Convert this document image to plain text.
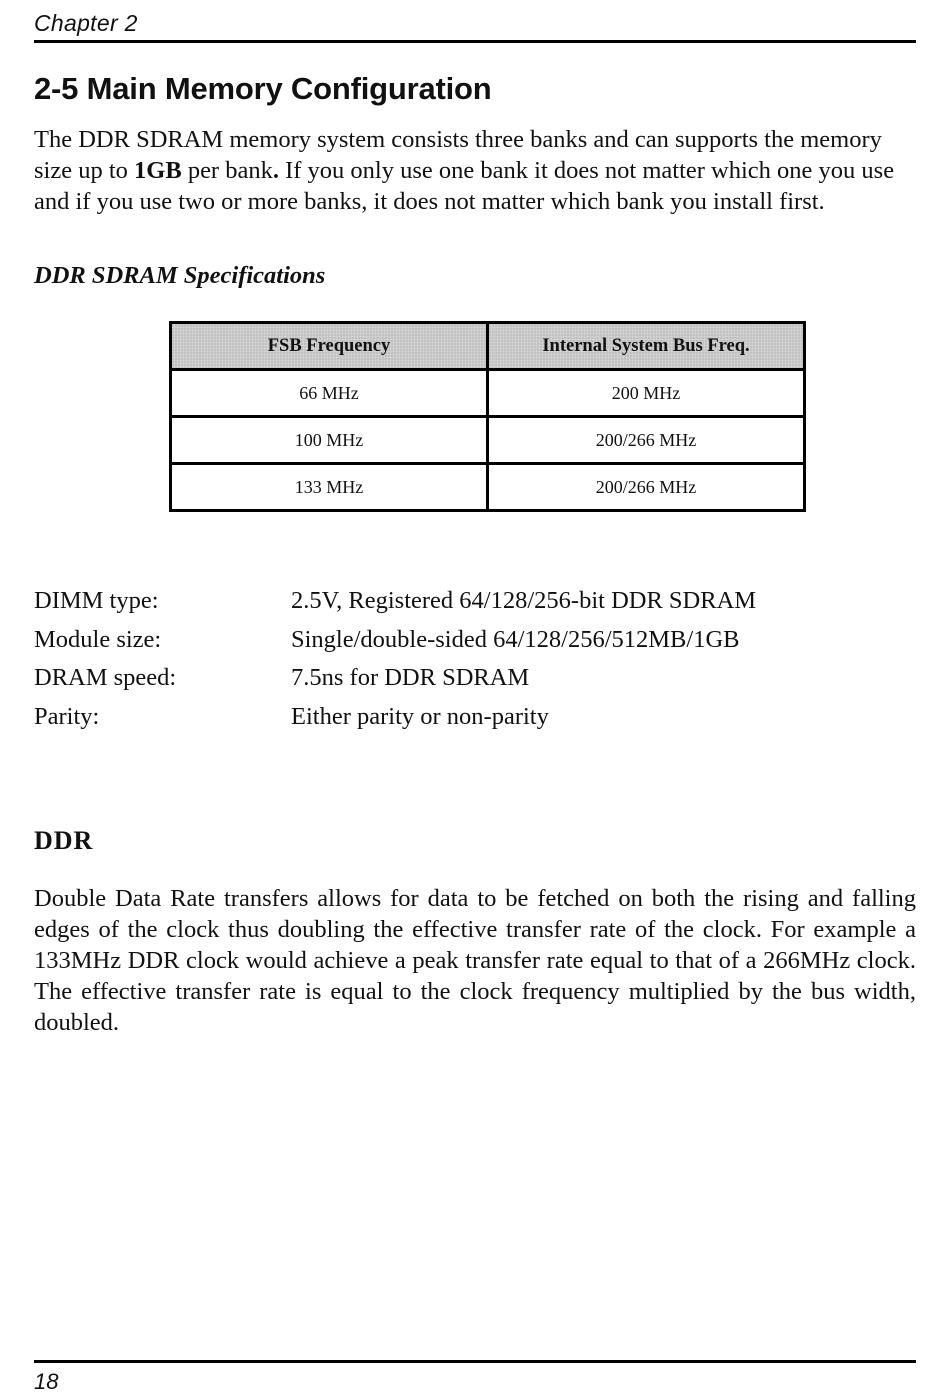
Chapter 2
2-5 Main Memory Configuration

The DDR SDRAM memory system consists three banks and can supports the memory size up to 1GB per bank. If you only use one bank it does not matter which one you use and if you use two or more banks, it does not matter which bank you install first.

DDR SDRAM Specifications
FSB Frequency	Internal System Bus Freq.
66 MHz	200 MHz
100 MHz	200/266 MHz
133 MHz	200/266 MHz
DIMM type:	2.5V, Registered 64/128/256-bit DDR SDRAM
Module size:	Single/double-sided 64/128/256/512MB/1GB
DRAM speed:	7.5ns for DDR SDRAM
Parity:	Either parity or non-parity
DDR

Double Data Rate transfers allows for data to be fetched on both the rising and falling edges of the clock thus doubling the effective transfer rate of the clock. For example a 133MHz DDR clock would achieve a peak transfer rate equal to that of a 266MHz clock. The effective transfer rate is equal to the clock frequency multiplied by the bus width, doubled.

18
